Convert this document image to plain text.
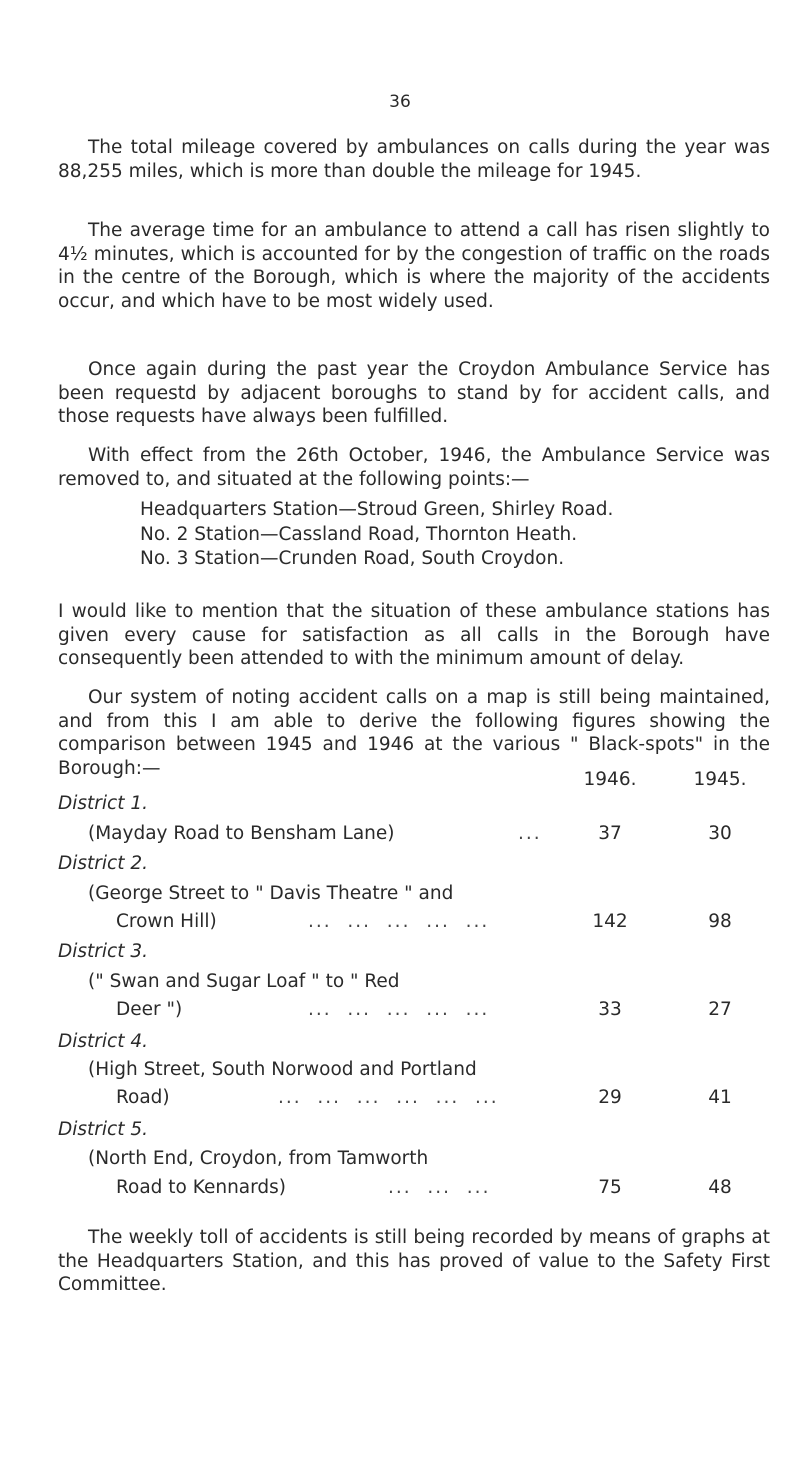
36

The total mileage covered by ambulances on calls during the year was 88,255 miles, which is more than double the mileage for 1945.

The average time for an ambulance to attend a call has risen slightly to 4½ minutes, which is accounted for by the congestion of traffic on the roads in the centre of the Borough, which is where the majority of the accidents occur, and which have to be most widely used.

Once again during the past year the Croydon Ambulance Service has been requestd by adjacent boroughs to stand by for accident calls, and those requests have always been fulfilled.

With effect from the 26th October, 1946, the Ambulance Service was removed to, and situated at the following points:—

Headquarters Station—Stroud Green, Shirley Road.
No. 2 Station—Cassland Road, Thornton Heath.
No. 3 Station—Crunden Road, South Croydon.

I would like to mention that the situation of these ambulance stations has given every cause for satisfaction as all calls in the Borough have consequently been attended to with the minimum amount of delay.

Our system of noting accident calls on a map is still being maintained, and from this I am able to derive the following figures showing the comparison between 1945 and 1946 at the various " Black-spots" in the Borough:—

1946.	1945.
District 1.
(Mayday Road to Bensham Lane)	...	37	30
District 2.
(George Street to " Davis Theatre " and
Crown Hill)	...  ...  ...  ...  ...	142	98
District 3.
(" Swan and Sugar Loaf " to " Red
Deer ")	...  ...  ...  ...  ...	33	27
District 4.
(High Street, South Norwood and Portland
Road)	...  ...  ...  ...  ...  ...	29	41
District 5.
(North End, Croydon, from Tamworth
Road to Kennards)	...  ...  ...	75	48

The weekly toll of accidents is still being recorded by means of graphs at the Headquarters Station, and this has proved of value to the Safety First Committee.
